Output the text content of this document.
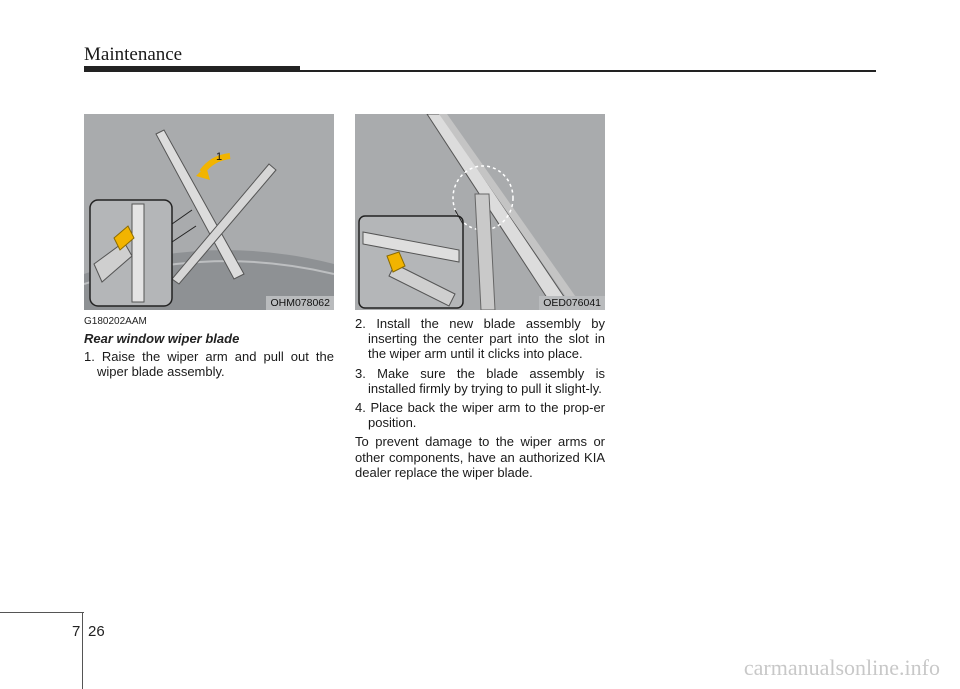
Maintenance
1
OHM078062	OED076041
G180202AAM
Rear window wiper blade

1. Raise the wiper arm and pull out the wiper blade assembly.

2. Install the new blade assembly by inserting the center part into the slot in the wiper arm until it clicks into place.

3. Make sure the blade assembly is installed firmly by trying to pull it slight-ly.

4. Place back the wiper arm to the prop-er position.

To prevent damage to the wiper arms or other components, have an authorized KIA dealer replace the wiper blade.

7 26
carmanualsonline.info
